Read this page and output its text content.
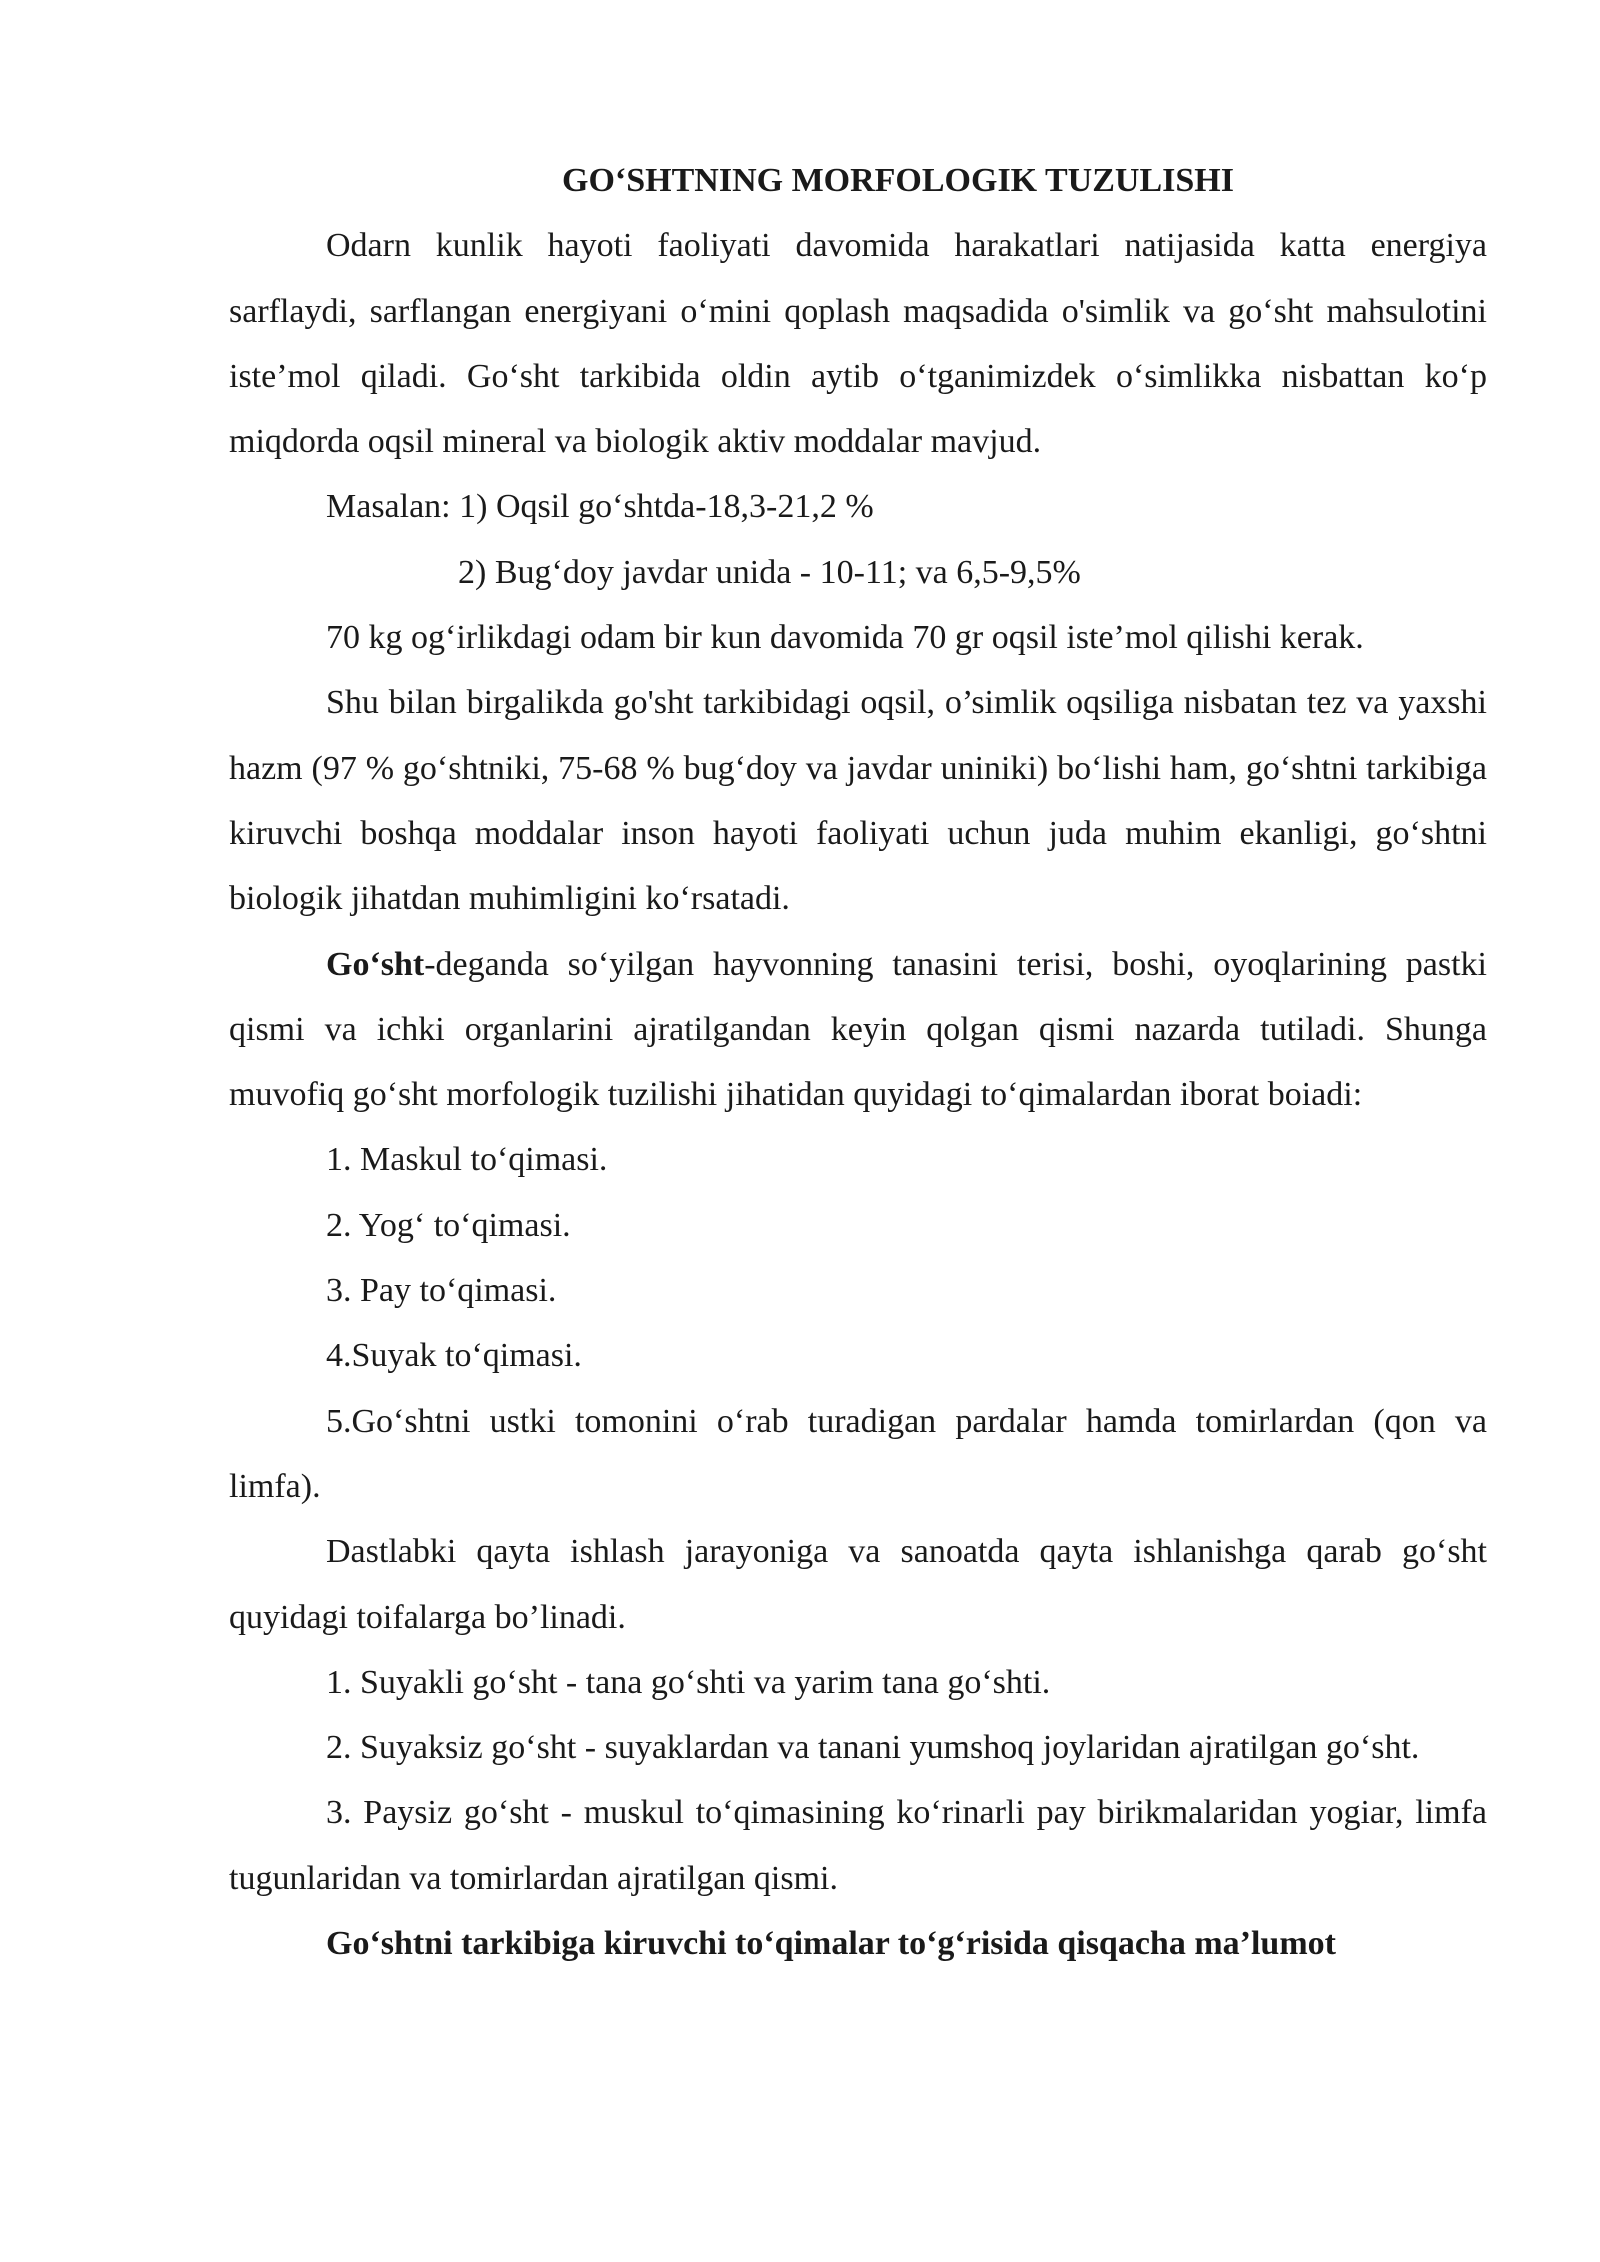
GO‘SHTNING MORFOLOGIK TUZULISHI

Odarn kunlik hayoti faoliyati davomida harakatlari natijasida katta energiya sarflaydi, sarflangan energiyani o‘mini qoplash maqsadida o'simlik va go‘sht mahsulotini iste’mol qiladi. Go‘sht tarkibida oldin aytib o‘tganimizdek o‘simlikka nisbattan ko‘p miqdorda oqsil mineral va biologik aktiv moddalar mavjud.

Masalan: 1) Oqsil go‘shtda-18,3-21,2 %

2) Bug‘doy javdar unida - 10-11; va 6,5-9,5%

70 kg og‘irlikdagi odam bir kun davomida 70 gr oqsil iste’mol qilishi kerak.

Shu bilan birgalikda go'sht tarkibidagi oqsil, o’simlik oqsiliga nisbatan tez va yaxshi hazm (97 % go‘shtniki, 75-68 % bug‘doy va javdar uniniki) bo‘lishi ham, go‘shtni tarkibiga kiruvchi boshqa moddalar inson hayoti faoliyati uchun juda muhim ekanligi, go‘shtni biologik jihatdan muhimligini ko‘rsatadi.

Go‘sht-deganda so‘yilgan hayvonning tanasini terisi, boshi, oyoqlarining pastki qismi va ichki organlarini ajratilgandan keyin qolgan qismi nazarda tutiladi. Shunga muvofiq go‘sht morfologik tuzilishi jihatidan quyidagi to‘qimalardan iborat boiadi:

1. Maskul to‘qimasi.

2. Yog‘ to‘qimasi.

3. Pay to‘qimasi.

4.Suyak to‘qimasi.

5.Go‘shtni ustki tomonini o‘rab turadigan pardalar hamda tomirlardan (qon va limfa).

Dastlabki qayta ishlash jarayoniga va sanoatda qayta ishlanishga qarab go‘sht quyidagi toifalarga bo’linadi.

1. Suyakli go‘sht - tana go‘shti va yarim tana go‘shti.

2. Suyaksiz go‘sht - suyaklardan va tanani yumshoq joylaridan ajratilgan go‘sht.

3. Paysiz go‘sht - muskul to‘qimasining ko‘rinarli pay birikmalaridan yogiar, limfa tugunlaridan va tomirlardan ajratilgan qismi.

Go‘shtni tarkibiga kiruvchi to‘qimalar to‘g‘risida qisqacha ma’lumot
